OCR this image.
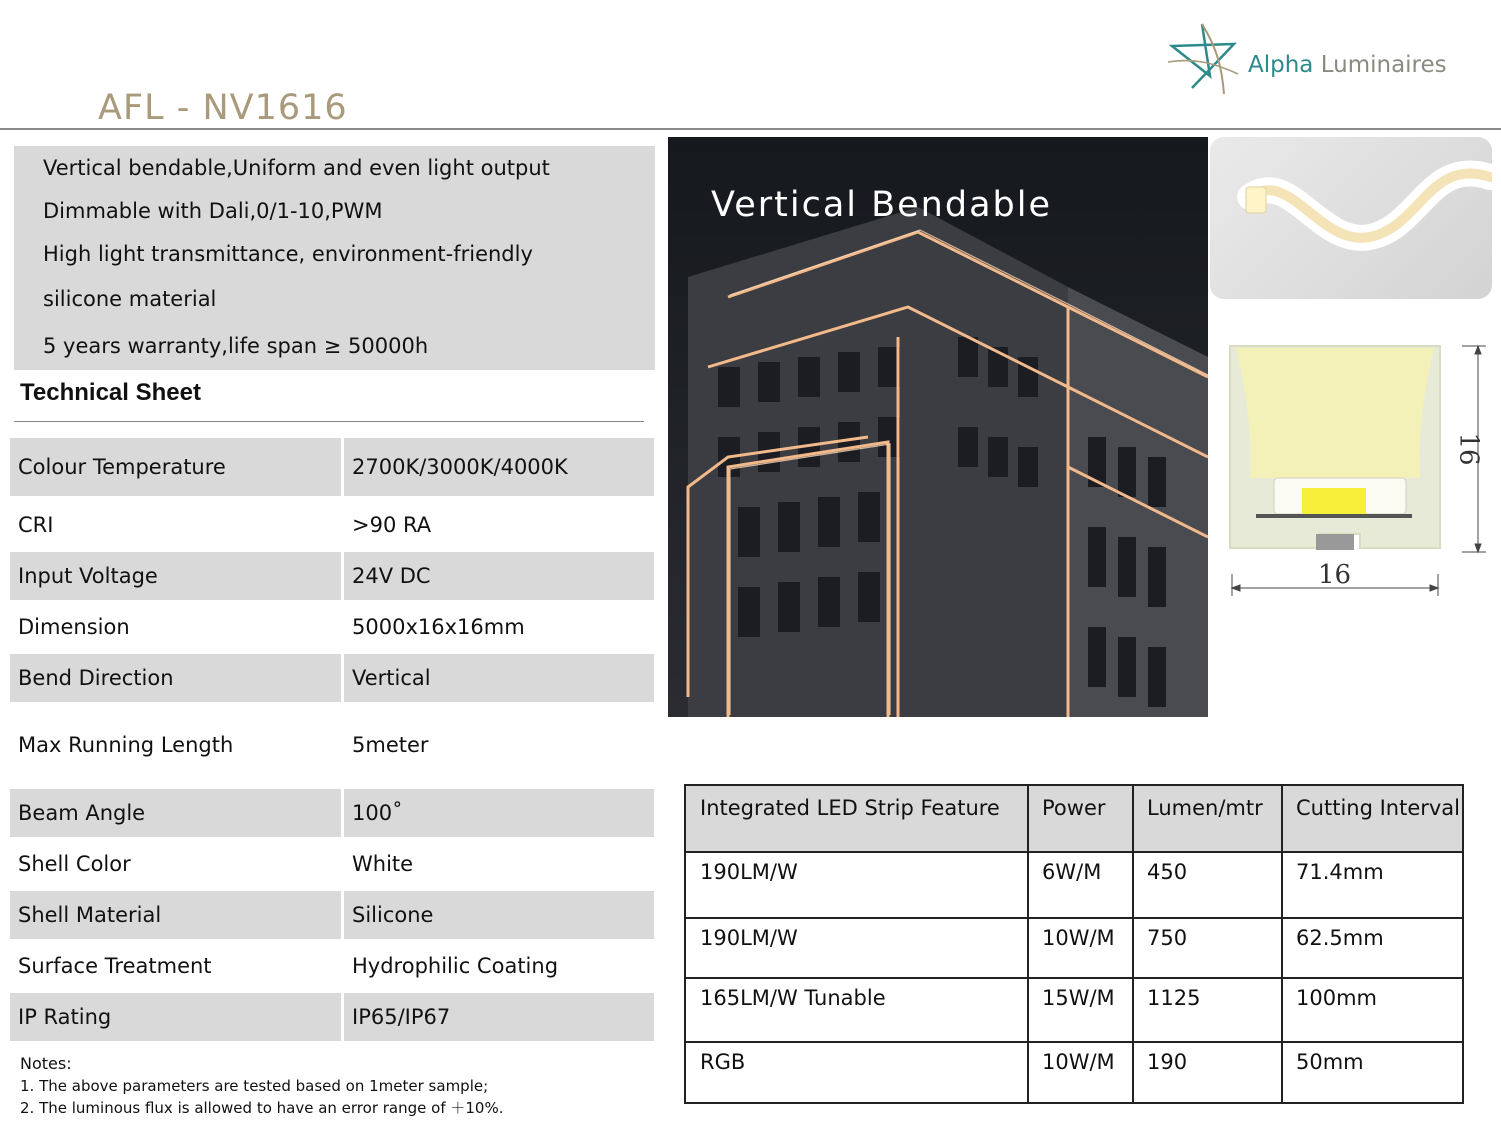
AFL - NV1616
Alpha Luminaires
Vertical bendable,Uniform and even light output
Dimmable with Dali,0/1-10,PWM
High light transmittance, environment-friendly
silicone material
5 years warranty,life span ≥ 50000h
Technical Sheet
Colour Temperature	2700K/3000K/4000K
CRI	>90 RA
Input Voltage	24V DC
Dimension	5000x16x16mm
Bend Direction	Vertical
Max Running Length	5meter
Beam Angle	100˚
Shell Color	White
Shell Material	Silicone
Surface Treatment	Hydrophilic Coating
IP Rating	IP65/IP67
Notes:
1. The above parameters are tested based on 1meter sample;
2. The luminous flux is allowed to have an error range of ＋10%.
Vertical Bendable
16
16
Integrated LED Strip Feature	Power	Lumen/mtr	Cutting Interval
190LM/W	6W/M	450	71.4mm
190LM/W	10W/M	750	62.5mm
165LM/W Tunable	15W/M	1125	100mm
RGB	10W/M	190	50mm
